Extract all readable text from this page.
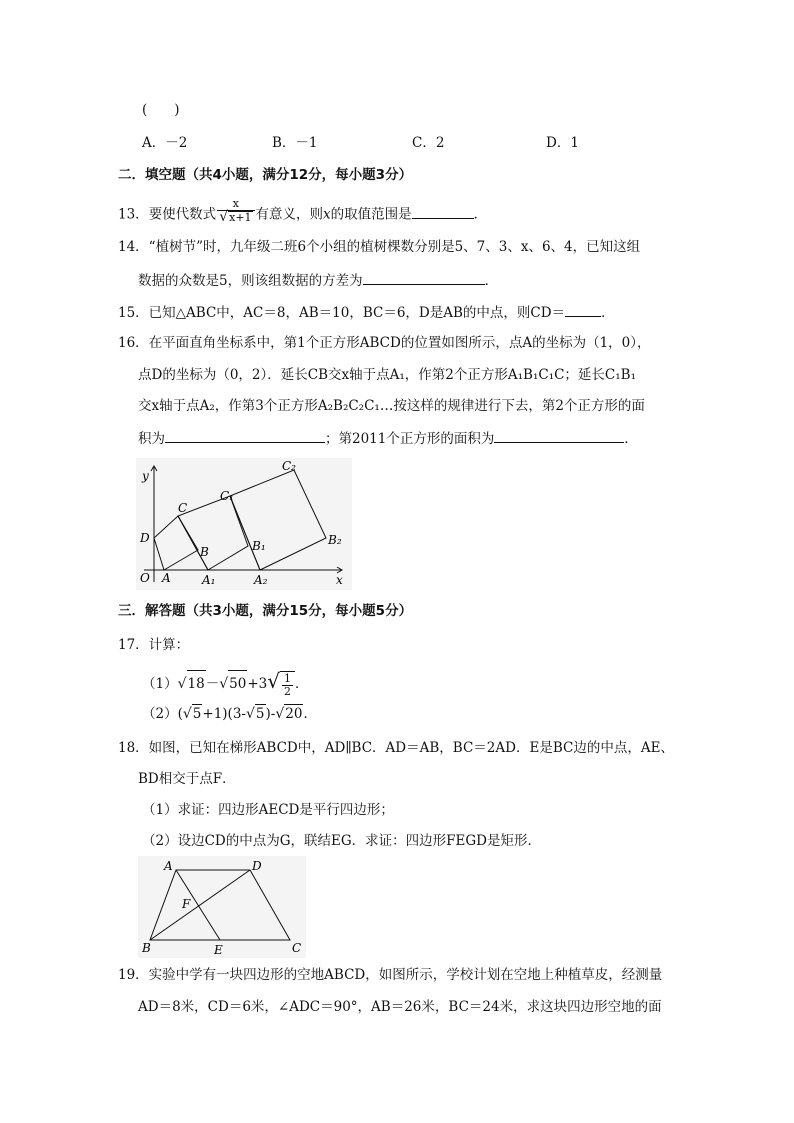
(　　)
A．－2	B．－1	C．2	D．1
二．填空题（共4小题，满分12分，每小题3分）
13．要使代数式 $\frac{x}{√x+1}$ 有意义，则x的取值范围是	．
14．“植树节”时，九年级二班6个小组的植树棵数分别是5、7、3、x、6、4，已知这组
数据的众数是5，则该组数据的方差为	．
15．已知△ABC中，AC＝8，AB＝10，BC＝6，D是AB的中点，则CD＝	．
16．在平面直角坐标系中，第1个正方形ABCD的位置如图所示，点A的坐标为（1，0），
点D的坐标为（0，2）．延长CB交x轴于点A₁，作第2个正方形A₁B₁C₁C；延长C₁B₁
交x轴于点A₂，作第3个正方形A₂B₂C₂C₁…按这样的规律进行下去，第2个正方形的面
积为	；第2011个正方形的面积为	．
y
x
O A	A₁	A₂
B	B₁	B₂
C
C₁
C₂
D
三．解答题（共3小题，满分15分，每小题5分）
17．计算：
$(1)√18-√50+3√ \frac{1}{2}$ ．
（2）(√5+1)(3-√5)-√20．
18．如图，已知在梯形ABCD中，AD∥BC．AD＝AB，BC＝2AD．E是BC边的中点，AE、
BD相交于点F．
（1）求证：四边形AECD是平行四边形；
（2）设边CD的中点为G，联结EG．求证：四边形FEGD是矩形．
A	D
F
B	E	C
19．实验中学有一块四边形的空地ABCD，如图所示，学校计划在空地上种植草皮，经测量
AD＝8米，CD＝6米，∠ADC＝90°，AB＝26米，BC＝24米，求这块四边形空地的面
